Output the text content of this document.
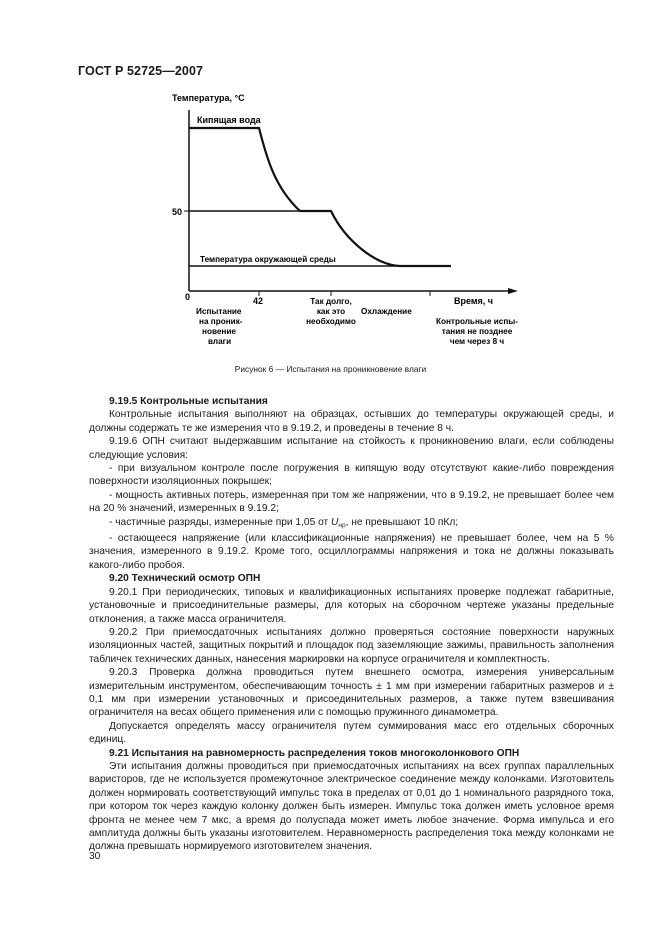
ГОСТ Р 52725—2007
Температура, °С
Кипящая вода
Температура окружающей среды
50
0	42	Время, ч
Испытание
на проник-
новение
влаги
Так долго,
как это
необходимо
Охлаждение
Контрольные испы-
тания не позднее
чем через 8 ч
Рисунок 6 — Испытания на проникновение влаги

9.19.5 Контрольные испытания

Контрольные испытания выполняют на образцах, остывших до температуры окружающей среды, и должны содержать те же измерения что в 9.19.2, и проведены в течение 8 ч.

9.19.6 ОПН считают выдержавшим испытание на стойкость к проникновению влаги, если соблюдены следующие условия:

- при визуальном контроле после погружения в кипящую воду отсутствуют какие-либо повреждения поверхности изоляционных покрышек;

- мощность активных потерь, измеренная при том же напряжении, что в 9.19.2, не превышает более чем на 20 % значений, измеренных в 9.19.2;

- частичные разряды, измеренные при 1,05 от $U_{нр}$, не превышают 10 пКл;

- остающееся напряжение (или классификационные напряжения) не превышает более, чем на 5 % значения, измеренного в 9.19.2. Кроме того, осциллограммы напряжения и тока не должны показывать какого-либо пробоя.

9.20 Технический осмотр ОПН

9.20.1 При периодических, типовых и квалификационных испытаниях проверке подлежат габаритные, установочные и присоединительные размеры, для которых на сборочном чертеже указаны предельные отклонения, а также масса ограничителя.

9.20.2 При приемосдаточных испытаниях должно проверяться состояние поверхности наружных изоляционных частей, защитных покрытий и площадок под заземляющие зажимы, правильность заполнения табличек технических данных, нанесения маркировки на корпусе ограничителя и комплектность.

9.20.3 Проверка должна проводиться путем внешнего осмотра, измерения универсальным измерительным инструментом, обеспечивающим точность ± 1 мм при измерении габаритных размеров и ± 0,1 мм при измерении установочных и присоединительных размеров, а также путем взвешивания ограничителя на весах общего применения или с помощью пружинного динамометра.

Допускается определять массу ограничителя путем суммирования масс его отдельных сборочных единиц.

9.21 Испытания на равномерность распределения токов многоколонкового ОПН

Эти испытания должны проводиться при приемосдаточных испытаниях на всех группах параллельных варисторов, где не используется промежуточное электрическое соединение между колонками. Изготовитель должен нормировать соответствующий импульс тока в пределах от 0,01 до 1 номинального разрядного тока, при котором ток через каждую колонку должен быть измерен. Импульс тока должен иметь условное время фронта не менее чем 7 мкс, а время до полуспада может иметь любое значение. Форма импульса и его амплитуда должны быть указаны изготовителем. Неравномерность распределения тока между колонками не должна превышать нормируемого изготовителем значения.

30
